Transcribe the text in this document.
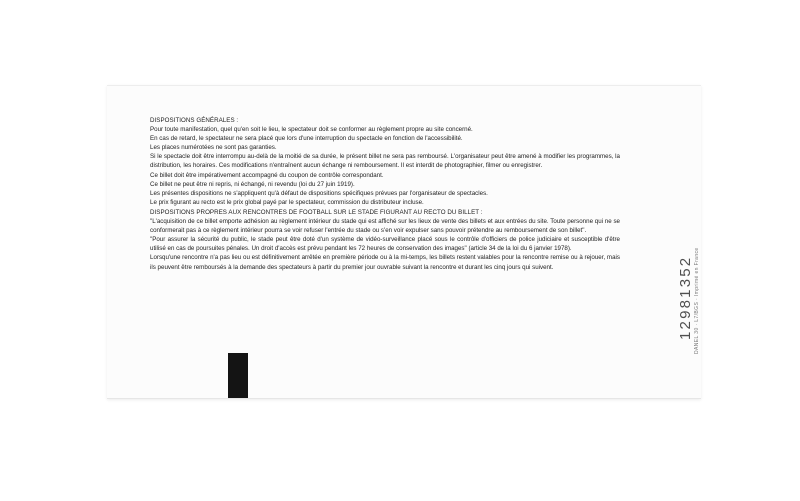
DISPOSITIONS GÉNÉRALES :

Pour toute manifestation, quel qu'en soit le lieu, le spectateur doit se conformer au règlement propre au site concerné.

En cas de retard, le spectateur ne sera placé que lors d'une interruption du spectacle en fonction de l'accessibilité.

Les places numérotées ne sont pas garanties.

Si le spectacle doit être interrompu au-delà de la moitié de sa durée, le présent billet ne sera pas remboursé. L'organisateur peut être amené à modifier les programmes, la distribution, les horaires. Ces modifications n'entraînent aucun échange ni remboursement. Il est interdit de photographier, filmer ou enregistrer.

Ce billet doit être impérativement accompagné du coupon de contrôle correspondant.

Ce billet ne peut être ni repris, ni échangé, ni revendu (loi du 27 juin 1919).

Les présentes dispositions ne s'appliquent qu'à défaut de dispositions spécifiques prévues par l'organisateur de spectacles.

Le prix figurant au recto est le prix global payé par le spectateur, commission du distributeur incluse.

DISPOSITIONS PROPRES AUX RENCONTRES DE FOOTBALL SUR LE STADE FIGURANT AU RECTO DU BILLET :

"L'acquisition de ce billet emporte adhésion au règlement intérieur du stade qui est affiché sur les lieux de vente des billets et aux entrées du site. Toute personne qui ne se conformerait pas à ce règlement intérieur pourra se voir refuser l'entrée du stade ou s'en voir expulser sans pouvoir prétendre au remboursement de son billet".

"Pour assurer la sécurité du public, le stade peut être doté d'un système de vidéo-surveillance placé sous le contrôle d'officiers de police judiciaire et susceptible d'être utilisé en cas de poursuites pénales. Un droit d'accès est prévu pendant les 72 heures de conservation des images" (article 34 de la loi du 6 janvier 1978).

Lorsqu'une rencontre n'a pas lieu ou est définitivement arrêtée en première période ou à la mi-temps, les billets restent valables pour la rencontre remise ou à rejouer, mais ils peuvent être remboursés à la demande des spectateurs à partir du premier jour ouvrable suivant la rencontre et durant les cinq jours qui suivent.	12981352 DANEL 30 · L7/BGS · Imprimé en France
